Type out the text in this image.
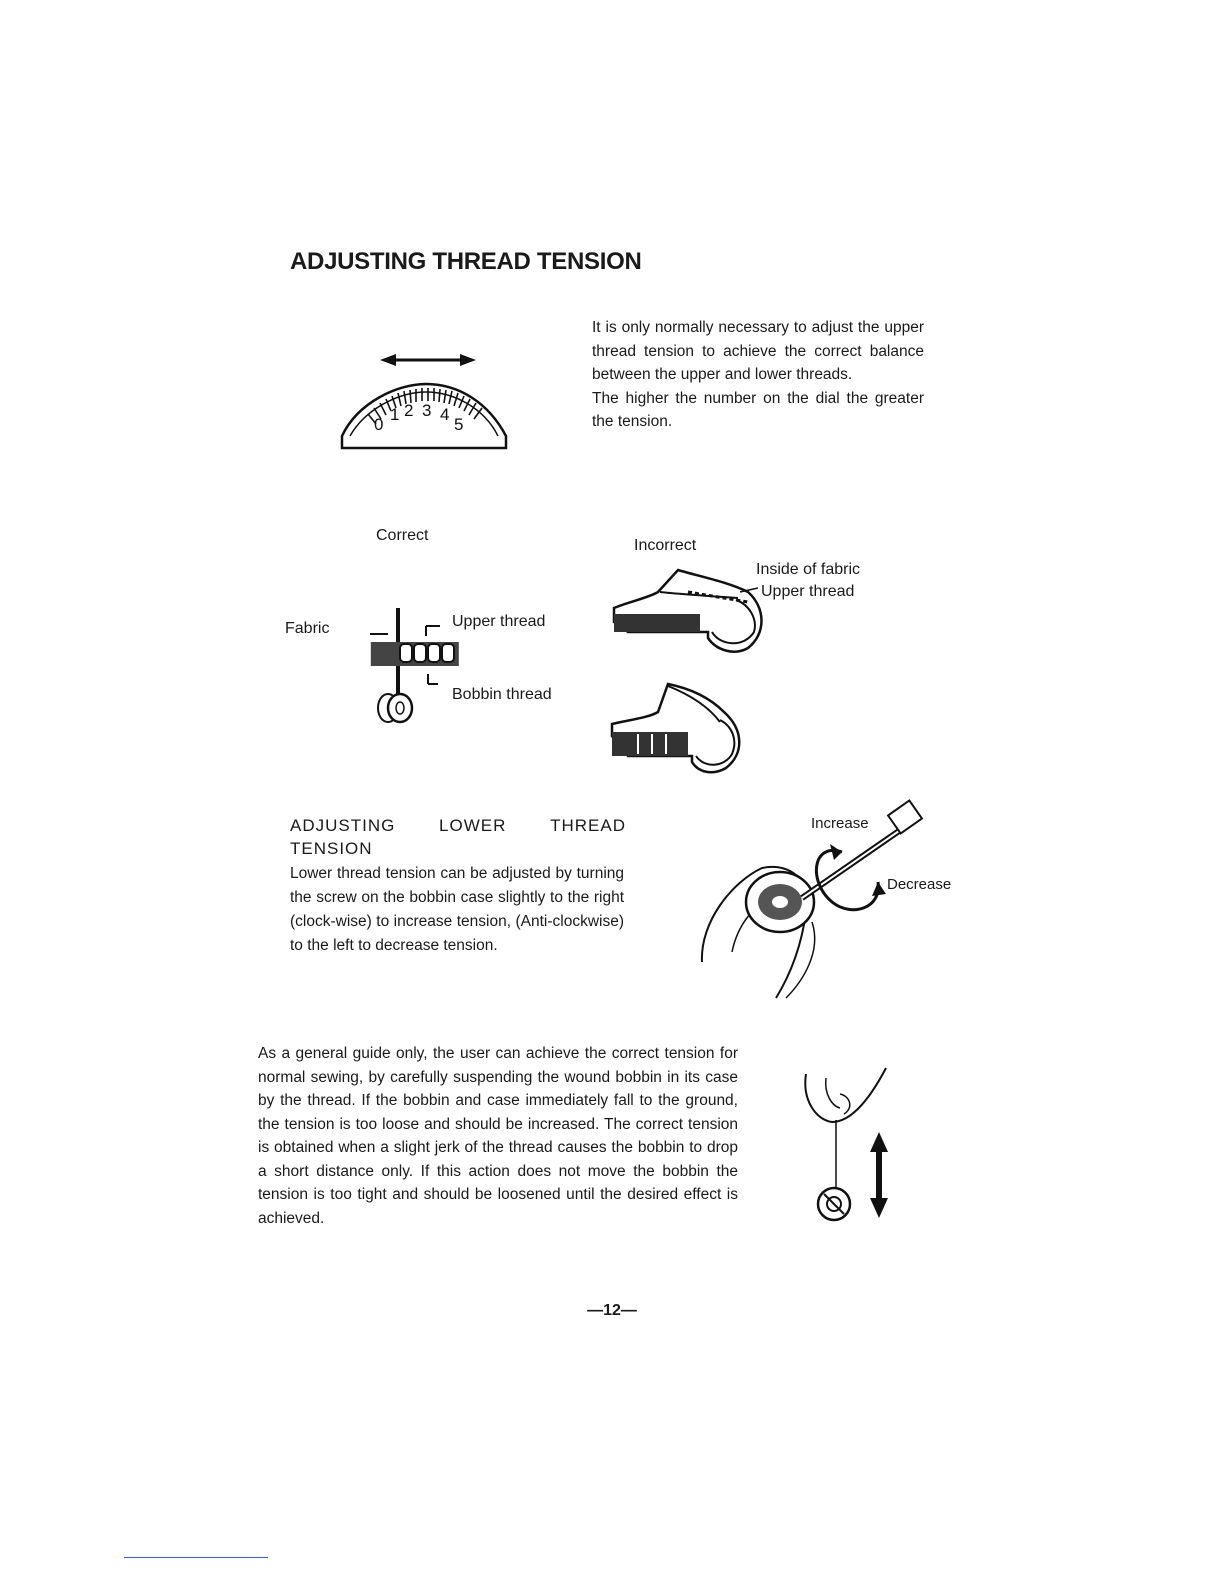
ADJUSTING THREAD TENSION

It is only normally necessary to adjust the upper thread tension to achieve the correct balance between the upper and lower threads.

The higher the number on the dial the greater the tension.

0
1 2 3 4
5
Correct
Fabric	Upper thread
Bobbin thread
Incorrect
Inside of fabric
Upper thread
ADJUSTING	LOWER	THREAD
TENSION

Lower thread tension can be adjusted by turning the screw on the bobbin case slightly to the right (clock-wise) to increase tension, (Anti-clockwise) to the left to decrease tension.

Increase
Decrease

As a general guide only, the user can achieve the correct tension for normal sewing, by carefully suspending the wound bobbin in its case by the thread. If the bobbin and case immediately fall to the ground, the tension is too loose and should be increased. The correct tension is obtained when a slight jerk of the thread causes the bobbin to drop a short distance only. If this action does not move the bobbin the tension is too tight and should be loosened until the desired effect is achieved.

—12—
